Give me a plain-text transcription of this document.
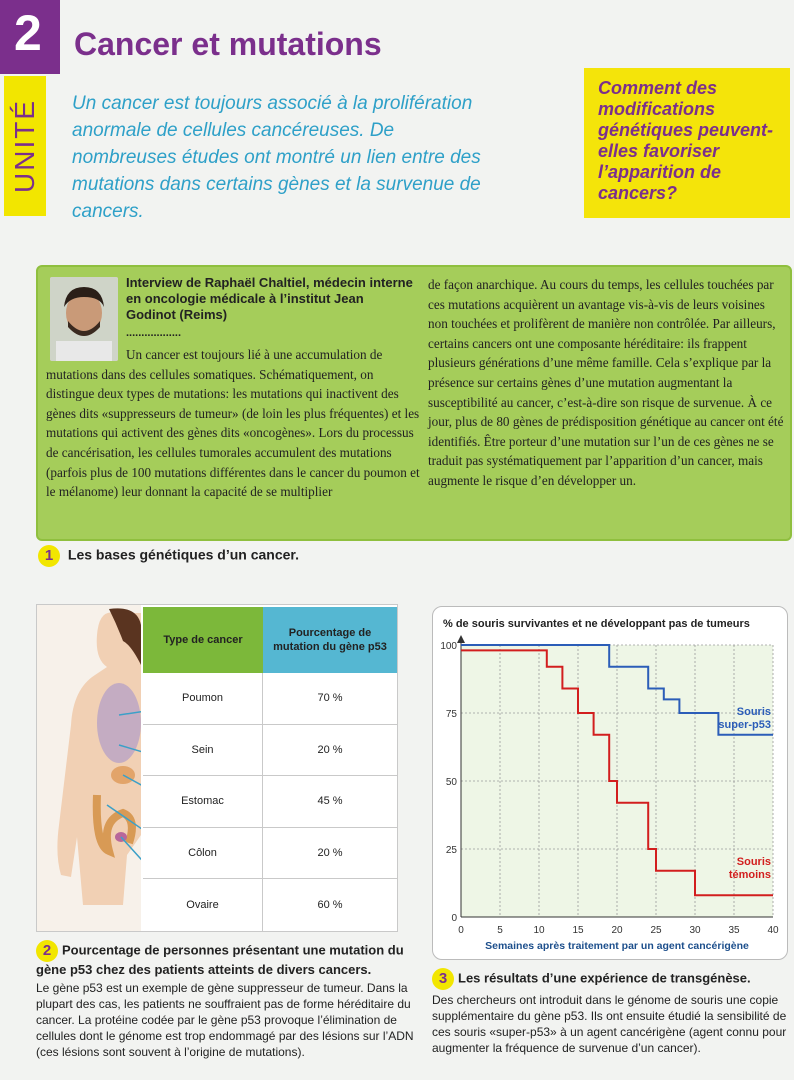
2
UNITÉ
Cancer et mutations

Un cancer est toujours associé à la prolifération anormale de cellules cancéreuses. De nombreuses études ont montré un lien entre des mutations dans certains gènes et la survenue de cancers.

Comment des modifications génétiques peuvent-elles favoriser l’apparition de cancers?
Interview de Raphaël Chaltiel, médecin interne en oncologie médicale à l’institut Jean Godinot (Reims)
..................

Un cancer est toujours lié à une accumulation de mutations dans des cellules somatiques. Schématiquement, on distingue deux types de mutations: les mutations qui inactivent des gènes dits «suppresseurs de tumeur» (de loin les plus fréquentes) et les mutations qui activent des gènes dits «oncogènes». Lors du processus de cancérisation, les cellules tumorales accumulent des mutations (parfois plus de 100 mutations différentes dans le cancer du poumon et le mélanome) leur donnant la capacité de se multiplier

de façon anarchique. Au cours du temps, les cellules touchées par ces mutations acquièrent un avantage vis-à-vis de leurs voisines non touchées et prolifèrent de manière non contrôlée. Par ailleurs, certains cancers ont une composante héréditaire: ils frappent plusieurs générations d’une même famille. Cela s’explique par la présence sur certains gènes d’une mutation augmentant la susceptibilité au cancer, c’est-à-dire son risque de survenue. À ce jour, plus de 80 gènes de prédisposition génétique au cancer ont été identifiés. Être porteur d’une mutation sur l’un de ces gènes ne se traduit pas systématiquement par l’apparition d’un cancer, mais augmente le risque d’en développer un.

1 Les bases génétiques d’un cancer.
Type de cancer
Pourcentage de mutation du gène p53
Poumon	70 %
Sein	20 %
Estomac	45 %
Côlon	20 %
Ovaire	60 %
2 Pourcentage de personnes présentant une mutation du gène p53 chez des patients atteints de divers cancers.
Le gène p53 est un exemple de gène suppresseur de tumeur. Dans la plupart des cas, les patients ne souffraient pas de forme héréditaire du cancer. La protéine codée par le gène p53 provoque l’élimination de cellules dont le génome est trop endommagé par des lésions sur l’ADN (ces lésions sont souvent à l’origine de mutations).
0
25
50
75
100
0	5	10	15	20	25	30	35	40
% de souris survivantes et ne développant pas de tumeurs
Semaines après traitement par un agent cancérigène
Souris
super-p53
Souris
témoins
3 Les résultats d’une expérience de transgénèse.
Des chercheurs ont introduit dans le génome de souris une copie supplémentaire du gène p53. Ils ont ensuite étudié la sensibilité de ces souris «super-p53» à un agent cancérigène (agent connu pour augmenter la fréquence de survenue d’un cancer).
